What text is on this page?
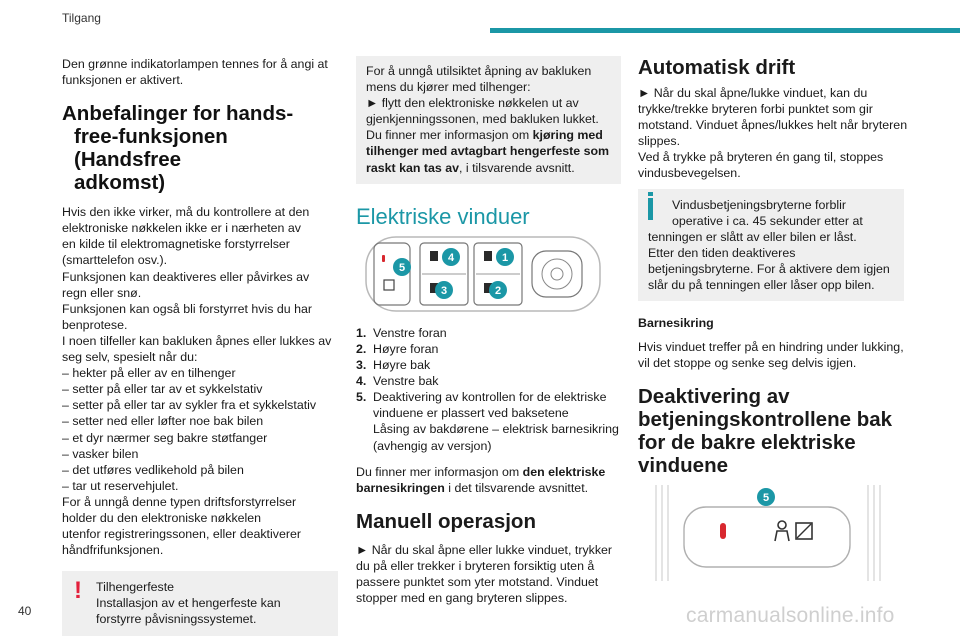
Tilgang
Den grønne indikatorlampen tennes for å angi at
funksjonen er aktivert.
Anbefalinger for hands-

free-funksjonen (Handsfree
adkomst)
Hvis den ikke virker, må du kontrollere at den
elektroniske nøkkelen ikke er i nærheten av
en kilde til elektromagnetiske forstyrrelser
(smarttelefon osv.).
Funksjonen kan deaktiveres eller påvirkes av
regn eller snø.
Funksjonen kan også bli forstyrret hvis du har
benprotese.
I noen tilfeller kan bakluken åpnes eller lukkes av
seg selv, spesielt når du:
– hekter på eller av en tilhenger
– setter på eller tar av et sykkelstativ
– setter på eller tar av sykler fra et sykkelstativ
– setter ned eller løfter noe bak bilen
– et dyr nærmer seg bakre støtfanger
– vasker bilen
– det utføres vedlikehold på bilen
– tar ut reservehjulet.
For å unngå denne typen driftsforstyrrelser
holder du den elektroniske nøkkelen
utenfor registreringssonen, eller deaktiverer
håndfrifunksjonen.
! Tilhengerfeste
Installasjon av et hengerfeste kan
forstyrre påvisningssystemet.
For å unngå utilsiktet åpning av bakluken
mens du kjører med tilhenger:
► flytt den elektroniske nøkkelen ut av
gjenkjenningssonen, med bakluken lukket.
Du finner mer informasjon om kjøring med
tilhenger med avtagbart hengerfeste som
raskt kan tas av, i tilsvarende avsnitt.
Elektriske vinduer
4	1
5
3	2
1. Venstre foran
2. Høyre foran
3. Høyre bak
4. Venstre bak
5. Deaktivering av kontrollen for de elektriske
vinduene er plassert ved baksetene
Låsing av bakdørene – elektrisk barnesikring
(avhengig av versjon)
Du finner mer informasjon om den elektriske
barnesikringen i det tilsvarende avsnittet.
Manuell operasjon
► Når du skal åpne eller lukke vinduet, trykker
du på eller trekker i bryteren forsiktig uten å
passere punktet som yter motstand. Vinduet
stopper med en gang bryteren slippes.
Automatisk drift
► Når du skal åpne/lukke vinduet, kan du
trykke/trekke bryteren forbi punktet som gir
motstand. Vinduet åpnes/lukkes helt når bryteren
slippes.
Ved å trykke på bryteren én gang til, stoppes
vindusbevegelsen.
Vindusbetjeningsbryterne forblir
operative i ca. 45 sekunder etter at
tenningen er slått av eller bilen er låst.
Etter den tiden deaktiveres
betjeningsbryterne. For å aktivere dem igjen
slår du på tenningen eller låser opp bilen.
Barnesikring
Hvis vinduet treffer på en hindring under lukking,
vil det stoppe og senke seg delvis igjen.
Deaktivering av
betjeningskontrollene bak
for de bakre elektriske
vinduene
5
40	carmanualsonline.info
